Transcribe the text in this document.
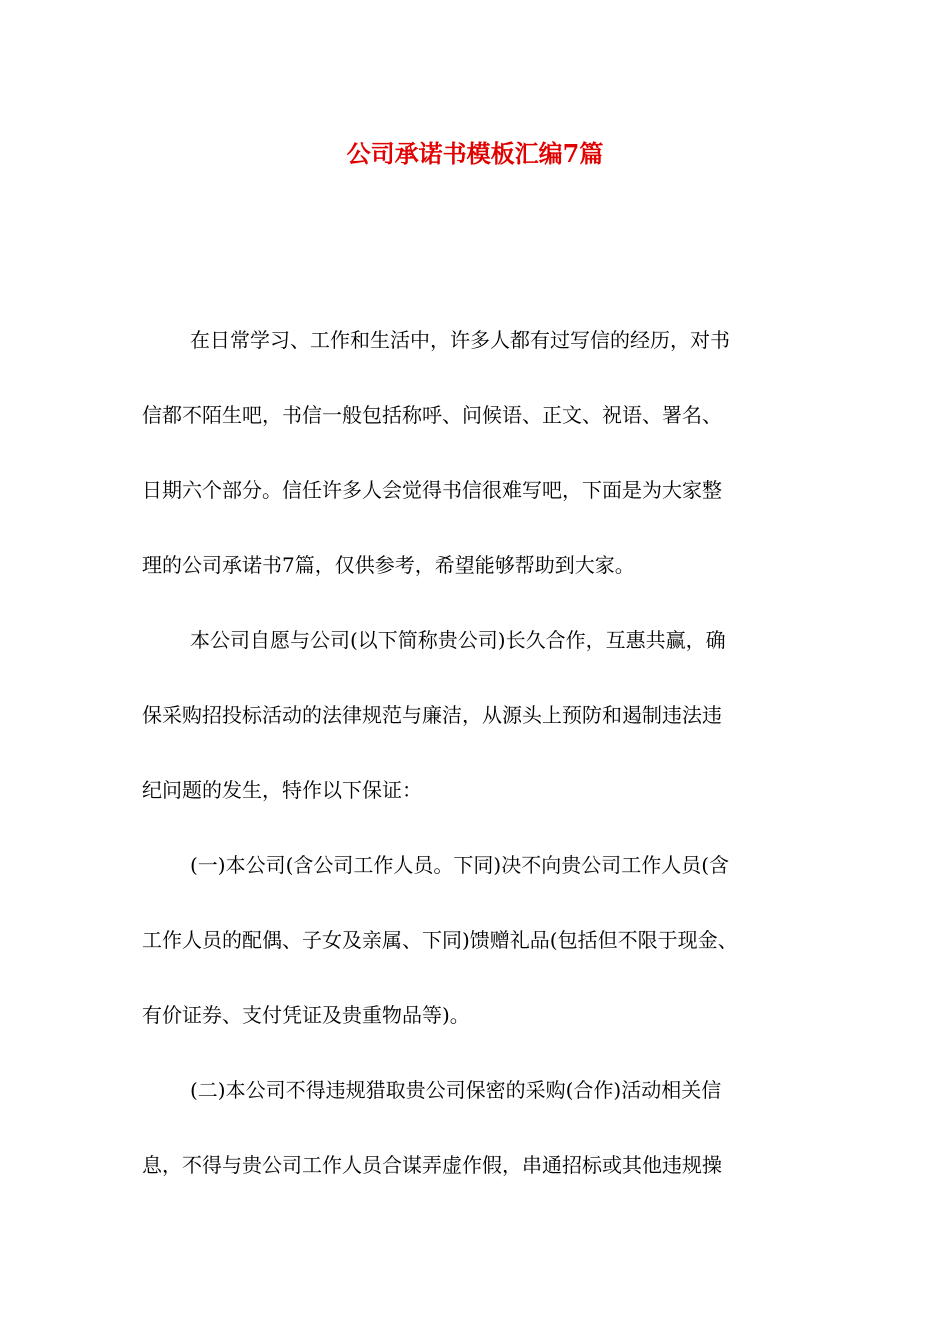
公司承诺书模板汇编7篇

在日常学习、工作和生活中，许多人都有过写信的经历，对书

信都不陌生吧，书信一般包括称呼、问候语、正文、祝语、署名、

日期六个部分。信任许多人会觉得书信很难写吧，下面是为大家整

理的公司承诺书7篇，仅供参考，希望能够帮助到大家。

本公司自愿与公司(以下简称贵公司)长久合作，互惠共赢，确

保采购招投标活动的法律规范与廉洁，从源头上预防和遏制违法违

纪问题的发生，特作以下保证：

(一)本公司(含公司工作人员。下同)决不向贵公司工作人员(含

工作人员的配偶、子女及亲属、下同)馈赠礼品(包括但不限于现金、

有价证券、支付凭证及贵重物品等)。

(二)本公司不得违规猎取贵公司保密的采购(合作)活动相关信

息，不得与贵公司工作人员合谋弄虚作假，串通招标或其他违规操
